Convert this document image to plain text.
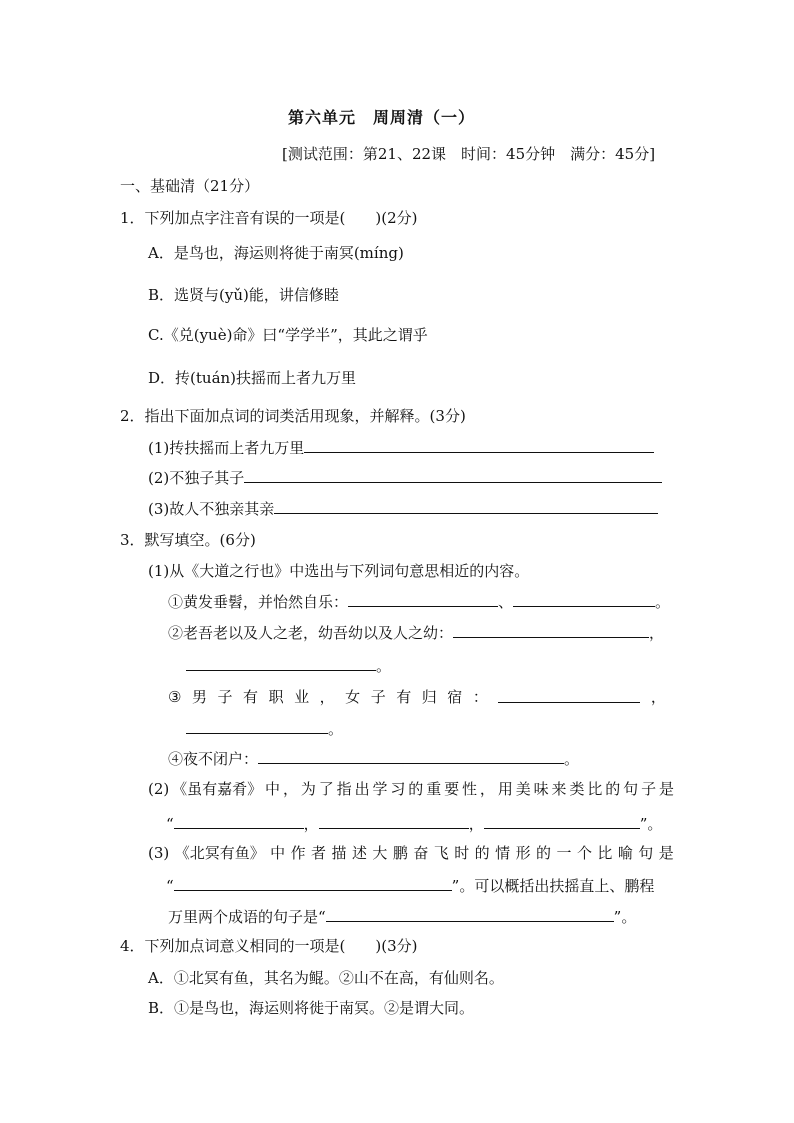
第六单元　周周清（一）
[测试范围：第21、22课　时间：45分钟　满分：45分]
一、基础清（21分）
1．下列加点字注音有误的一项是(　　)(2分)
A．是鸟也，海运则将徙于南冥(míng)
B．选贤与(yǔ)能，讲信修睦
C.《兑(yuè)命》曰“学学半”，其此之谓乎
D．抟(tuán)扶摇而上者九万里
2．指出下面加点词的词类活用现象，并解释。(3分)
(1)抟扶摇而上者九万里
(2)不独子其子
(3)故人不独亲其亲
3．默写填空。(6分)
(1)从《大道之行也》中选出与下列词句意思相近的内容。
①黄发垂髫，并怡然自乐：	、	。
②老吾老以及人之老，幼吾幼以及人之幼：	，
。
③ 男 子 有 职 业 ， 女 子 有 归 宿 ：	，
。
④夜不闭户：	。
(2) 《虽有嘉肴》 中 ， 为 了 指 出 学 习 的 重 要 性 ， 用 美 味 来 类 比 的 句 子 是
“	，	，	”。
(3) 《北冥有鱼》 中 作 者 描 述 大 鹏 奋 飞 时 的 情 形 的 一 个 比 喻 句 是
“	”。可以概括出扶摇直上、鹏程
万里两个成语的句子是“	”。
4．下列加点词意义相同的一项是(　　)(3分)
A．①北冥有鱼，其名为鲲。②山不在高，有仙则名。
B．①是鸟也，海运则将徙于南冥。②是谓大同。
